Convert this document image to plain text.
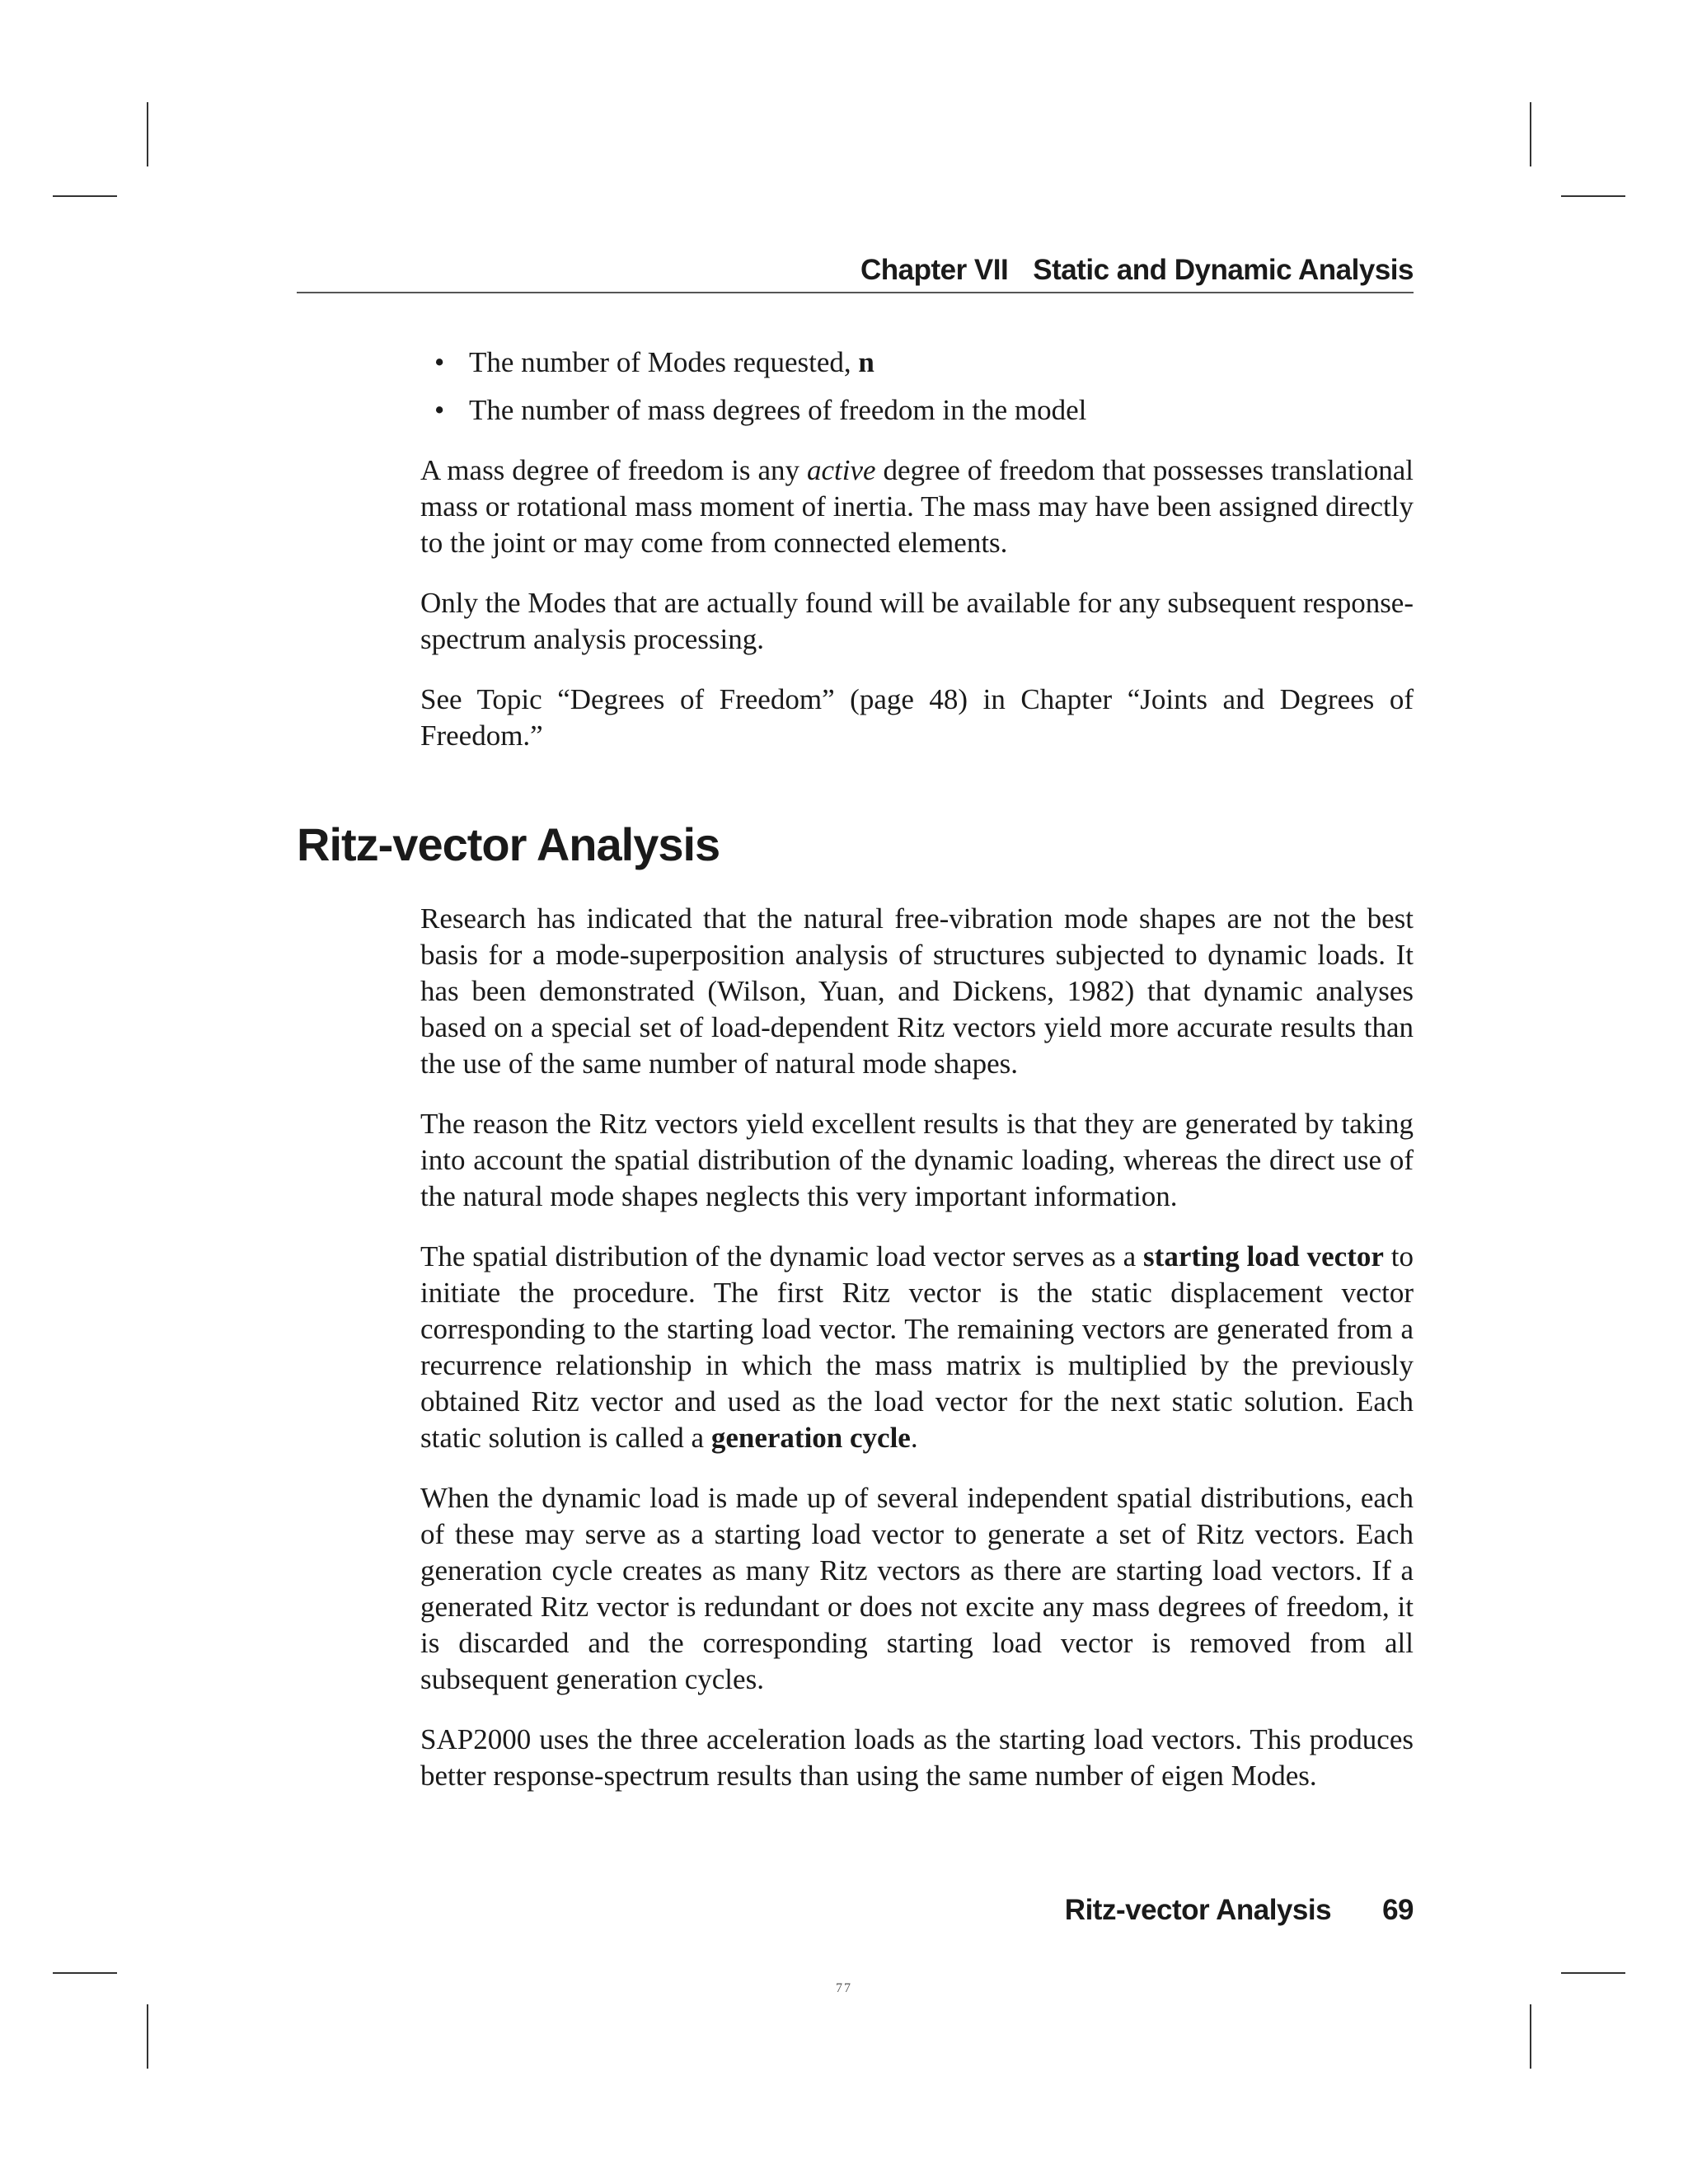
Chapter VII Static and Dynamic Analysis
• The number of Modes requested, n
• The number of mass degrees of freedom in the model

A mass degree of freedom is any active degree of freedom that possesses translational mass or rotational mass moment of inertia. The mass may have been assigned directly to the joint or may come from connected elements.

Only the Modes that are actually found will be available for any subsequent response-spectrum analysis processing.

See Topic “Degrees of Freedom” (page 48) in Chapter “Joints and Degrees of Freedom.”

Ritz-vector Analysis

Research has indicated that the natural free-vibration mode shapes are not the best basis for a mode-superposition analysis of structures subjected to dynamic loads. It has been demonstrated (Wilson, Yuan, and Dickens, 1982) that dynamic analyses based on a special set of load-dependent Ritz vectors yield more accurate results than the use of the same number of natural mode shapes.

The reason the Ritz vectors yield excellent results is that they are generated by taking into account the spatial distribution of the dynamic loading, whereas the direct use of the natural mode shapes neglects this very important information.

The spatial distribution of the dynamic load vector serves as a starting load vector to initiate the procedure. The first Ritz vector is the static displacement vector corresponding to the starting load vector. The remaining vectors are generated from a recurrence relationship in which the mass matrix is multiplied by the previously obtained Ritz vector and used as the load vector for the next static solution. Each static solution is called a generation cycle.

When the dynamic load is made up of several independent spatial distributions, each of these may serve as a starting load vector to generate a set of Ritz vectors. Each generation cycle creates as many Ritz vectors as there are starting load vectors. If a generated Ritz vector is redundant or does not excite any mass degrees of freedom, it is discarded and the corresponding starting load vector is removed from all subsequent generation cycles.

SAP2000 uses the three acceleration loads as the starting load vectors. This produces better response-spectrum results than using the same number of eigen Modes.

Ritz-vector Analysis 69
77
